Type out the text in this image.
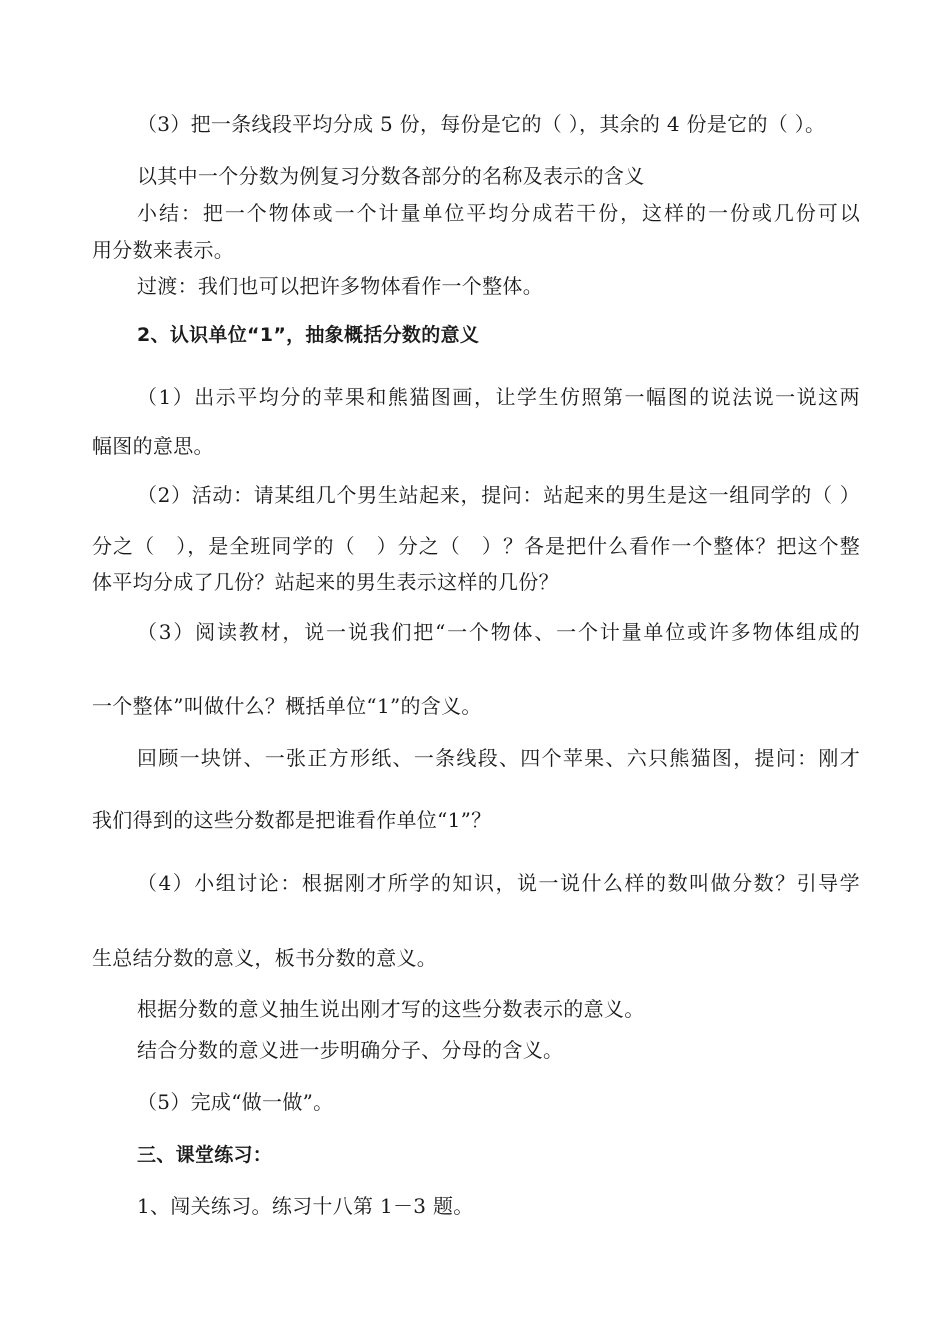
（3）把一条线段平均分成 5 份，每份是它的（ ），其余的 4 份是它的（ ）。
以其中一个分数为例复习分数各部分的名称及表示的含义
小结：把一个物体或一个计量单位平均分成若干份，这样的一份或几份可以
用分数来表示。
过渡：我们也可以把许多物体看作一个整体。
2、认识单位“1”，抽象概括分数的意义
（1）出示平均分的苹果和熊猫图画，让学生仿照第一幅图的说法说一说这两
幅图的意思。
（2）活动：请某组几个男生站起来，提问：站起来的男生是这一组同学的（ ）
分之（　），是全班同学的（　）分之（　）？各是把什么看作一个整体？把这个整
体平均分成了几份？站起来的男生表示这样的几份？
（3）阅读教材，说一说我们把“一个物体、一个计量单位或许多物体组成的
一个整体”叫做什么？概括单位“1”的含义。
回顾一块饼、一张正方形纸、一条线段、四个苹果、六只熊猫图，提问：刚才
我们得到的这些分数都是把谁看作单位“1”？
（4）小组讨论：根据刚才所学的知识，说一说什么样的数叫做分数？引导学
生总结分数的意义，板书分数的意义。
根据分数的意义抽生说出刚才写的这些分数表示的意义。
结合分数的意义进一步明确分子、分母的含义。
（5）完成“做一做”。
三、课堂练习：
1、闯关练习。练习十八第 1－3 题。
